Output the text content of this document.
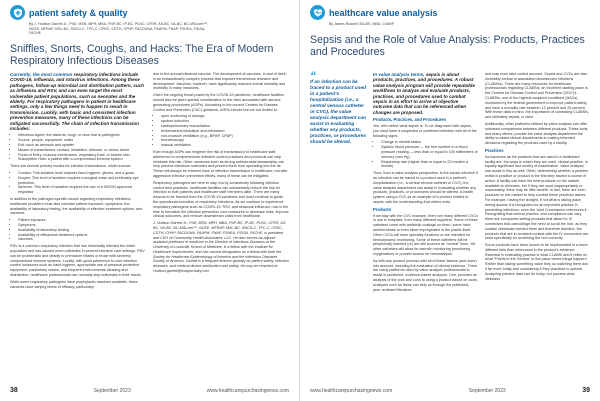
patient safety & quality
By J. Hudson Garrett Jr., PhD, MSN, MPH, MBA, FNP-BC, IP-BC, PLNC, CFER, AS-BC, VA-BC, BC-MSLcert™, NCEE, MFRAP, MSL-BC, SNCD-C, TFC-C, CPDC, CDTH, CPHP, FACDONA, FAAPM, FNAP, FSHEA, FIDSA, FACHE
Sniffles, Snorts, Coughs, and Hacks: The Era of Modern Respiratory Infectious Diseases

Currently, the most common respiratory infections include COVID-19, influenza, and rotavirus infections. Among these pathogens, follow-up microbial and distribution pattern, such as influenza and RSV, and can even target the most vulnerable patient populations, such as neonates and the elderly. For respiratory pathogens in patient in healthcare settings, only a few things need to happen to result in transmission. Luckily, with basic and consistent infection prevention measures, many of these infections can be mitigated successfully. The chain of infection transmission includes:

• Infectious Agent: the bacteria, fungi, or virus that is pathogenic
• Source: people, equipment, water
• Exit: such as aerosols and splatter
• Means of transmission: contact, inhalation, airborne, or vector-borne
• Portal of Entry: mucous membranes, respiratory tract, or broken skin
• Susceptible Host: a patient with a compromised immune system

There are several primary modes for infection transmission, which include:

• Contact: This isolation level requires hand hygiene, gloves, and a gown.
• Droplet: This level of isolation requires a surgical mask and preferably eye protection.
• Airborne: This level of isolation requires the use of a NIOSH-approved respirator.

In addition to the pathogen-specific issues regarding respiratory infections, healthcare providers must also consider patient exposure, symptoms, the availability of laboratory testing, the availability of effective treatment options, and vaccines.

• Patient exposure
• Symptoms
• Availability of laboratory testing
• Availability of efficacious treatment options
• Vaccines

RSV is a common respiratory infection that has historically infected the infant population and has caused more outbreaks in several intensive care settings. RSV can be problematic and deadly to premature infants or those with severely compromised immune systems. Luckily, with good adherence to core infection control measures such as hand hygiene, appropriate use of personal protective equipment, particularly masks, and frequent environmental cleaning and disinfection, healthcare professionals can normally stop outbreaks in their tracks.

While some respiratory pathogens have prophylactic vaccines available, these vaccines have varying levels of efficacy, particularly

due to the annual influenza vaccine. The development of vaccines, in and of itself, is an extraordinarily complex process that requires tremendous research and development. Vaccines, however, have significantly reduced overall mortality and morbidity in many instances.

Given the ongoing threat posed by the COVID-19 pandemic, healthcare facilities should also be given special consideration to the risks associated with aerosol-generating procedures (AGPs). According to the current Centers for Disease Control and Prevention (CDC) guidance, AGPs include but are not limited to:

• open suctioning of airways
• sputum induction
• cardiopulmonary resuscitation
• endotracheal intubation and extubation
• non-invasive ventilation (e.g., BiPAP, CPAP)
• bronchoscopy
• manual ventilation

Even though AGPs can heighten the risk of transmission to healthcare staff, adherence to comprehensive infection control practices and protocols can help eliminate this risk. Other measures such as strong antimicrobial stewardship can help prevent infectious outbreaks and prevent them from spreading into the air. These will always be inherent risks of infection transmission in healthcare, but with aggressive infection prevention efforts, many of these can be mitigated.

Respiratory pathogens are here to stay, but by consistently following infection control best practices, healthcare facilities can substantially reduce the risk for infection to both patients and healthcare staff members alike. There are many lessons to be learned from the COVID-19 pandemic and must continue to guide the operational execution of respiratory infections. As we continue to experience respiratory pathogens such as COVID-19, RSV, and seasonal influenza, now is the time to formalize the infection prevention core measures to decrease risks, improve clinical outcomes, and remove downstream costs from healthcare.

J. Hudson Garrett Jr., PhD, MSN, MPH, MBA, FNP-BC, IP-BC, PLNC, CFER, AS-BC, VA-BC, BC-MSLcert™, NCEE, MFRAP, MSL-BC, SNCD-C, TFC-C, CPDC, CDTH, CPHP, FACDONA, FAAPM, FNAP, FSHEA, FIDSA, FACHE, is president and CEO of Community Health Associates, LLC. He also serves as adjunct assistant professor of medicine in the Division of Infectious Diseases at the University of Louisville School of Medicine, is a fellow with the Institute for Healthcare Improvement, and has earned designation as a fellow with both the Society for Healthcare Epidemiology of America and the Infectious Diseases Society of America. Garrett is a frequent lecturer globally on patient safety, infection diseases, and medical device sterilization and safety. He may be reached at: Hudson.garrett@hsiquicmuity.com

38	September 2023	www.healthcarepurchasingnews.com
healthcare value analysis
By James Russell, BA-BS, MBA, CVAHP
Sepsis and the Role of Value Analysis: Products, Practices and Procedures
“
If an infection can be traced to a product used in a patient's hospitalization (i.e., a central venous catheter or CVC), the value analysis department can assist in evaluating whether any products, practices, or procedures should be altered.

In value analysis terms, sepsis is about products, practices, and procedures. A robust value analysis program will provide repeatable workflows to analyze and evaluate products, practices, and procedures used to combat sepsis in an effort to arrive at objective outcome data that can be referenced when changes are proposed.

Products, Practices, and Procedures

Yes, let's define what sepsis is. To be diagnosed with sepsis, you must have a suspected or confirmed infection with all of the following signs:

• Change in mental status
• Systolic blood pressure — the first number in a blood pressure reading — less than or equal to 100 millimeters of mercury (mm Hg)
• Respiratory rate (higher than or equal to 22 breaths a minute)

Thus, from a value analysis perspective, is the sepsis infection if an infection can be traced to a product used in a patient's hospitalization (i.e., a central venous catheter or CVC), the value analysis department can assist in evaluating whether any products, practices, or procedures should be altered. A health system using a CVC as an example of a product related to sepsis, with the understanding that others exist.

Products

If we stay with the CVC example, there are many different CVCs in use in hospitals, from many different suppliers. Some of these catheters come with antibiotic coatings on them, some have antimicrobials or even silver impregnated in the plastic itself. Other CVCs will have specialty functions or are intended for hemodynamic monitoring. Some of these catheters will be peripherally inserted (or) are still sourced as "central" lines. Yet other catheters will allow for warm/in monitoring (monitoring oxygenation) or provide access for hemodialysis.

As with any product process with all of these factors (and more) into account, including the evaluation of clinical evidence. There are many platforms used by value analysis professionals to assist in published, evidence-based analyses. One, provides an analysis of the pros and cons to using a product based on costs. Analyses such as these can help us through the published, peer-reviewed literature

and may even take control account. Sepsis and CVCs are also incredibly central to associated bloodstream infections (CLABSIs). There are many resources for healthcare professionals regarding CLABSIs; an excellent starting place is the Centers for Disease Control and Prevention (CDC)'s CLABSIs, one of the highest-acquired conditions (HACs) monitored by the federal government to improve patient safety, and have a mortality rate between 12 percent and 25 percent. With these data in mind, the importance of combating CLABSIs, and ultimately sepsis, is clear.

Additionally, other platforms utilized by value analysis can offer unbiased comparisons between different products. These tools, and many others, provide the value analysis department the ability to assist clinical departments in making informed decisions regarding the products used by a facility.

Practices

As important as the products that are used in a healthcare facility are, the ways in which they are used, clinical practice, is equally significant and worthy of examination. Value analysis can assist in this as well. Often, determining whether a problem exists in practice or product is the first step toward a course of action. A facility can have the best products on the market available to clinicians, but if they are used inappropriately or inaccurately, there may be little benefit. In fact, there are even products on the market to help combat these practices issues. For example, having the straight, if not what is taking place during access it is recognized as an important practice in preventing infections, even the Joint Commission references it. Recognizing that clinical practice, and compliance can vary, there are companies selling products that attach to IV connectors that camouflage the need to scrub the hub, as they contain chemicals needed there and therefore disinfect, the products that are in constant contact with the IV connectors are used specifically for scrubbing the hub correctly.

Some products have been known to be implemented in a more different fails than referenced in the product's evidence. Essential in evaluating practice is what CLABSI and it relies on what "Points to the Gemba" or the place where things happen! Rather than taking something value they do watching them don it far more today and considering if they practices is optimal. Analyzing practice data can be tricky, but process what clinicians

www.healthcarepurchasingnews.com	September 2023	39
